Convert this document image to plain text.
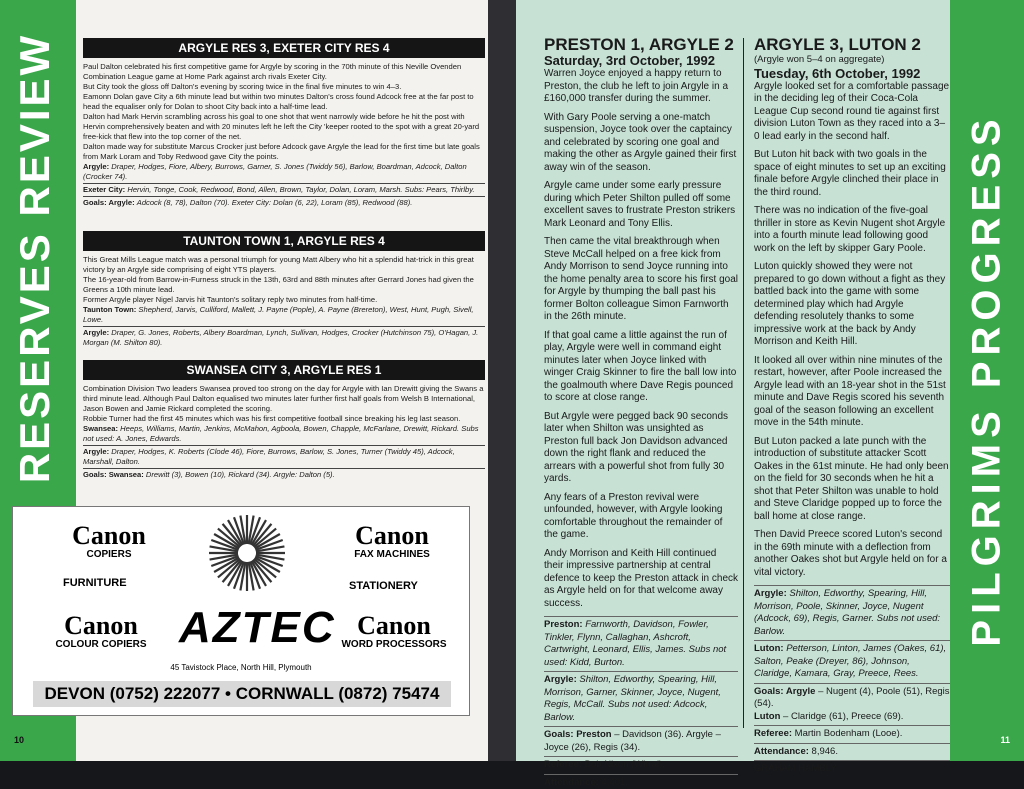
RESERVES REVIEW	ARGYLE RES 3, EXETER CITY RES 4

Paul Dalton celebrated his first competitive game for Argyle by scoring in the 70th minute of this Neville Ovenden Combination League game at Home Park against arch rivals Exeter City.

But City took the gloss off Dalton's evening by scoring twice in the final five minutes to win 4–3.

Eamonn Dolan gave City a 6th minute lead but within two minutes Dalton's cross found Adcock free at the far post to head the equaliser only for Dolan to shoot City back into a half-time lead.

Dalton had Mark Hervin scrambling across his goal to one shot that went narrowly wide before he hit the post with Hervin comprehensively beaten and with 20 minutes left he left the City 'keeper rooted to the spot with a great 20-yard free-kick that flew into the top corner of the net.

Dalton made way for substitute Marcus Crocker just before Adcock gave Argyle the lead for the first time but late goals from Mark Loram and Toby Redwood gave City the points.

Argyle: Draper, Hodges, Fiore, Albery, Burrows, Garner, S. Jones (Twiddy 56), Barlow, Boardman, Adcock, Dalton (Crocker 74).

Exeter City: Hervin, Tonge, Cook, Redwood, Bond, Allen, Brown, Taylor, Dolan, Loram, Marsh. Subs: Pears, Thirlby.

Goals: Argyle: Adcock (8, 78), Dalton (70). Exeter City: Dolan (6, 22), Loram (85), Redwood (88).

TAUNTON TOWN 1, ARGYLE RES 4

This Great Mills League match was a personal triumph for young Matt Albery who hit a splendid hat-trick in this great victory by an Argyle side comprising of eight YTS players.

The 16-year-old from Barrow-in-Furness struck in the 13th, 63rd and 88th minutes after Gerrard Jones had given the Greens a 10th minute lead.

Former Argyle player Nigel Jarvis hit Taunton's solitary reply two minutes from half-time.

Taunton Town: Shepherd, Jarvis, Culliford, Mallett, J. Payne (Pople), A. Payne (Brereton), West, Hunt, Pugh, Sivell, Lowe.

Argyle: Draper, G. Jones, Roberts, Albery Boardman, Lynch, Sullivan, Hodges, Crocker (Hutchinson 75), O'Hagan, J. Morgan (M. Shilton 80).

SWANSEA CITY 3, ARGYLE RES 1

Combination Division Two leaders Swansea proved too strong on the day for Argyle with Ian Drewitt giving the Swans a third minute lead. Although Paul Dalton equalised two minutes later further first half goals from Welsh B International, Jason Bowen and Jamie Rickard completed the scoring.

Robbie Turner had the first 45 minutes which was his first competitive football since breaking his leg last season.

Swansea: Heeps, Williams, Martin, Jenkins, McMahon, Agboola, Bowen, Chapple, McFarlane, Drewitt, Rickard. Subs not used: A. Jones, Edwards.

Argyle: Draper, Hodges, K. Roberts (Clode 46), Fiore, Burrows, Barlow, S. Jones, Turner (Twiddy 45), Adcock, Marshall, Dalton.

Goals: Swansea: Drewitt (3), Bowen (10), Rickard (34). Argyle: Dalton (5).

Canon
COPIERS
Canon
FAX MACHINES
FURNITURE	STATIONERY
Canon
COLOUR COPIERS
Canon
WORD PROCESSORS
AZTEC
45 Tavistock Place, North Hill, Plymouth
DEVON (0752) 222077 • CORNWALL (0872) 75474
10
PILGRIMS PROGRESS
11
PRESTON 1, ARGYLE 2
Saturday, 3rd October, 1992

Warren Joyce enjoyed a happy return to Preston, the club he left to join Argyle in a £160,000 transfer during the summer.

With Gary Poole serving a one-match suspension, Joyce took over the captaincy and celebrated by scoring one goal and making the other as Argyle gained their first away win of the season.

Argyle came under some early pressure during which Peter Shilton pulled off some excellent saves to frustrate Preston strikers Mark Leonard and Tony Ellis.

Then came the vital breakthrough when Steve McCall helped on a free kick from Andy Morrison to send Joyce running into the home penalty area to score his first goal for Argyle by thumping the ball past his former Bolton colleague Simon Farnworth in the 26th minute.

If that goal came a little against the run of play, Argyle were well in command eight minutes later when Joyce linked with winger Craig Skinner to fire the ball low into the goalmouth where Dave Regis pounced to score at close range.

But Argyle were pegged back 90 seconds later when Shilton was unsighted as Preston full back Jon Davidson advanced down the right flank and reduced the arrears with a powerful shot from fully 30 yards.

Any fears of a Preston revival were unfounded, however, with Argyle looking comfortable throughout the remainder of the game.

Andy Morrison and Keith Hill continued their impressive partnership at central defence to keep the Preston attack in check as Argyle held on for that welcome away success.

Preston: Farnworth, Davidson, Fowler, Tinkler, Flynn, Callaghan, Ashcroft, Cartwright, Leonard, Ellis, James. Subs not used: Kidd, Burton.
Argyle: Shilton, Edworthy, Spearing, Hill, Morrison, Garner, Skinner, Joyce, Nugent, Regis, McCall. Subs not used: Adcock, Barlow.
Goals: Preston – Davidson (36). Argyle – Joyce (26), Regis (34).
Referee: Bob Nixon (Wirral).
Attendance: 4,401.
ARGYLE 3, LUTON 2
(Argyle won 5–4 on aggregate)
Tuesday, 6th October, 1992

Argyle looked set for a comfortable passage in the deciding leg of their Coca-Cola League Cup second round tie against first division Luton Town as they raced into a 3–0 lead early in the second half.

But Luton hit back with two goals in the space of eight minutes to set up an exciting finale before Argyle clinched their place in the third round.

There was no indication of the five-goal thriller in store as Kevin Nugent shot Argyle into a fourth minute lead following good work on the left by skipper Gary Poole.

Luton quickly showed they were not prepared to go down without a fight as they battled back into the game with some determined play which had Argyle defending resolutely thanks to some impressive work at the back by Andy Morrison and Keith Hill.

It looked all over within nine minutes of the restart, however, after Poole increased the Argyle lead with an 18-year shot in the 51st minute and Dave Regis scored his seventh goal of the season following an excellent move in the 54th minute.

But Luton packed a late punch with the introduction of substitute attacker Scott Oakes in the 61st minute. He had only been on the field for 30 seconds when he hit a shot that Peter Shilton was unable to hold and Steve Claridge popped up to force the ball home at close range.

Then David Preece scored Luton's second in the 69th minute with a deflection from another Oakes shot but Argyle held on for a vital victory.

Argyle: Shilton, Edworthy, Spearing, Hill, Morrison, Poole, Skinner, Joyce, Nugent (Adcock, 69), Regis, Garner. Subs not used: Barlow.
Luton: Petterson, Linton, James (Oakes, 61), Salton, Peake (Dreyer, 86), Johnson, Claridge, Kamara, Gray, Preece, Rees.
Goals: Argyle – Nugent (4), Poole (51), Regis (54).
Luton – Claridge (61), Preece (69).
Referee: Martin Bodenham (Looe).
Attendance: 8,946.
GRAHAM HAMBLY
